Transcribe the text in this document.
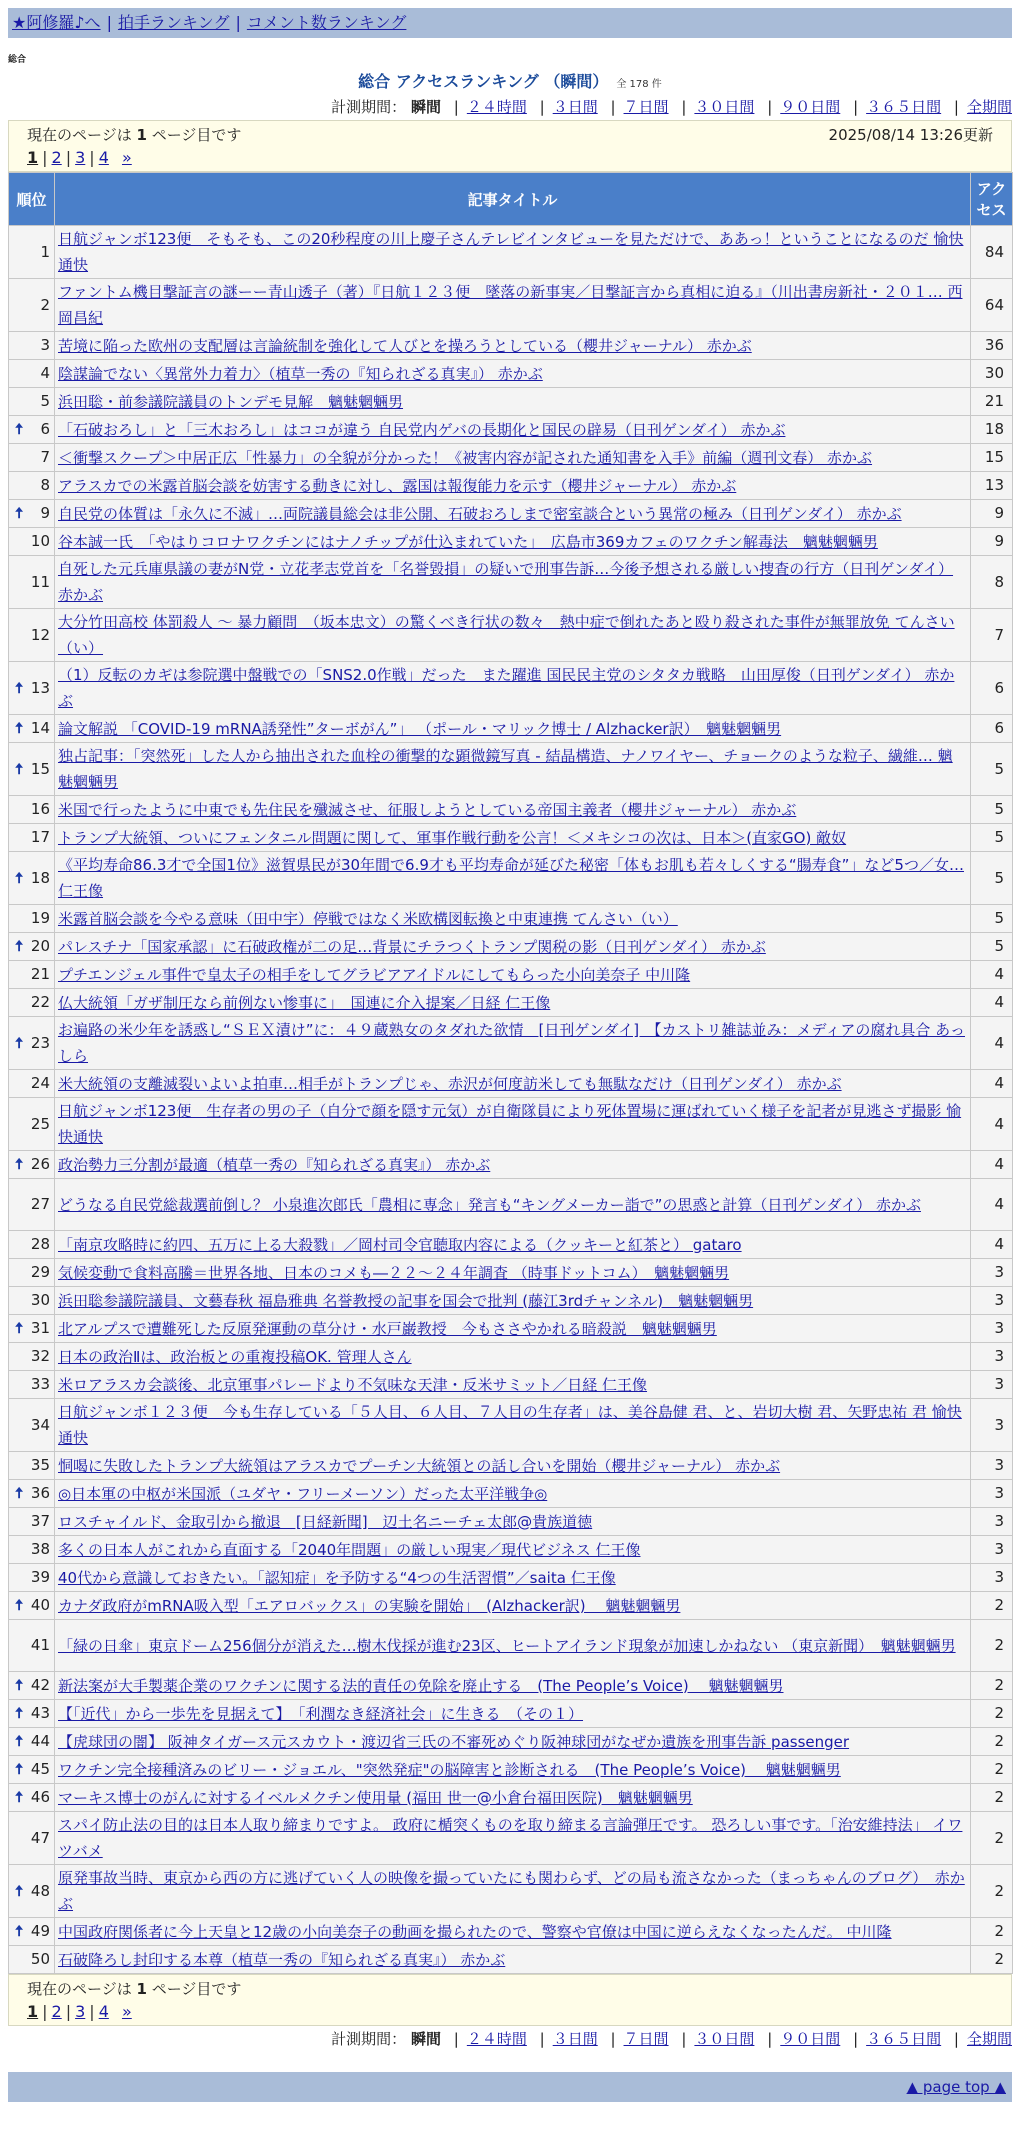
★阿修羅♪へ | 拍手ランキング | コメント数ランキング
総合
総合 アクセスランキング （瞬間） 全 178 件
計測期間： 瞬間 | ２４時間 | ３日間 | ７日間 | ３０日間 | ９０日間 | ３６５日間 | 全期間
現在のページは 1 ページ目です	2025/08/14 13:26更新
1 | 2 | 3 | 4 »
順位	記事タイトル	アクセス
1	日航ジャンボ123便　そもそも、この20秒程度の川上慶子さんテレビインタビューを見ただけで、ああっ！ということになるのだ 愉快通快	84
2	ファントム機目撃証言の謎ーー青山透子（著）『日航１２３便　墜落の新事実／目撃証言から真相に迫る』（川出書房新社・２０１… 西岡昌紀	64
3	苦境に陥った欧州の支配層は言論統制を強化して人びとを操ろうとしている（櫻井ジャーナル） 赤かぶ	36
4	陰謀論でない〈異常外力着力〉（植草一秀の『知られざる真実』） 赤かぶ	30
5	浜田聡・前参議院議員のトンデモ見解　魑魅魍魎男	21

🠅 6	「石破おろし」と「三木おろし」はココが違う 自民党内ゲバの長期化と国民の辟易（日刊ゲンダイ） 赤かぶ	18
7	＜衝撃スクープ＞中居正広「性暴力」の全貌が分かった！《被害内容が記された通知書を入手》前編（週刊文春） 赤かぶ	15
8	アラスカでの米露首脳会談を妨害する動きに対し、露国は報復能力を示す（櫻井ジャーナル） 赤かぶ	13

🠅 9	自民党の体質は「永久に不滅」…両院議員総会は非公開、石破おろしまで密室談合という異常の極み（日刊ゲンダイ） 赤かぶ	9
10	谷本誠一氏　「やはりコロナワクチンにはナノチップが仕込まれていた」　広島市369カフェのワクチン解毒法　魑魅魍魎男	9
11	自死した元兵庫県議の妻がN党・立花孝志党首を「名誉毀損」の疑いで刑事告訴…今後予想される厳しい捜査の行方（日刊ゲンダイ） 赤かぶ	8
12	大分竹田高校 体罰殺人 〜 暴力顧問　（坂本忠文）の驚くべき行状の数々　熱中症で倒れたあと殴り殺された事件が無罪放免 てんさい（い）	7

🠅 13	（1）反転のカギは参院選中盤戦での「SNS2.0作戦」だった　また躍進 国民民主党のシタタカ戦略　山田厚俊（日刊ゲンダイ） 赤かぶ	6

🠅 14	論文解説 「COVID-19 mRNA誘発性”ターボがん”」 （ポール・マリック博士 / Alzhacker訳）　魑魅魍魎男	6

🠅 15	独占記事：「突然死」した人から抽出された血栓の衝撃的な顕微鏡写真 - 結晶構造、ナノワイヤー、チョークのような粒子、繊維… 魑魅魍魎男	5
16	米国で行ったように中東でも先住民を殲滅させ、征服しようとしている帝国主義者（櫻井ジャーナル） 赤かぶ	5
17	トランプ大統領、ついにフェンタニル問題に関して、軍事作戦行動を公言！＜メキシコの次は、日本＞(直家GO) 敵奴	5

🠅 18	《平均寿命86.3才で全国1位》滋賀県民が30年間で6.9才も平均寿命が延びた秘密「体もお肌も若々しくする“腸寿食”」など5つ／女… 仁王像	5
19	米露首脳会談を今やる意味（田中宇）停戦ではなく米欧構図転換と中東連携 てんさい（い）	5

🠅 20	パレスチナ「国家承認」に石破政権が二の足…背景にチラつくトランプ関税の影（日刊ゲンダイ） 赤かぶ	5
21	プチエンジェル事件で皇太子の相手をしてグラビアアイドルにしてもらった小向美奈子 中川隆	4
22	仏大統領「ガザ制圧なら前例ない惨事に」　国連に介入提案／日経 仁王像	4

🠅 23	お遍路の米少年を誘惑し“ＳＥＸ漬け”に：４９蔵熟女のタダれた欲情　[日刊ゲンダイ]　【カストリ雑誌並み：メディアの腐れ具合 あっしら	4
24	米大統領の支離滅裂いよいよ拍車…相手がトランプじゃ、赤沢が何度訪米しても無駄なだけ（日刊ゲンダイ） 赤かぶ	4
25	日航ジャンボ123便　生存者の男の子（自分で顔を隠す元気）が自衛隊員により死体置場に運ばれていく様子を記者が見逃さず撮影 愉快通快	4

🠅 26	政治勢力三分割が最適（植草一秀の『知られざる真実』） 赤かぶ	4
27	どうなる自民党総裁選前倒し？ 小泉進次郎氏「農相に専念」発言も“キングメーカー詣で”の思惑と計算（日刊ゲンダイ） 赤かぶ	4
28	「南京攻略時に約四、五万に上る大殺戮」／岡村司令官聴取内容による（クッキーと紅茶と） gataro	4
29	気候変動で食料高騰＝世界各地、日本のコメも―２２～２４年調査 （時事ドットコム）　魑魅魍魎男	3
30	浜田聡参議院議員、文藝春秋 福島雅典 名誉教授の記事を国会で批判 (藤江3rdチャンネル)　魑魅魍魎男	3

🠅 31	北アルプスで遭難死した反原発運動の草分け・水戸巌教授　今もささやかれる暗殺説　魑魅魍魎男	3
32	日本の政治Ⅱは、政治板との重複投稿OK. 管理人さん	3
33	米ロアラスカ会談後、北京軍事パレードより不気味な天津・反米サミット／日経 仁王像	3
34	日航ジャンボ１２３便　今も生存している「５人目、６人目、７人目の生存者」は、美谷島健 君、と、岩切大樹 君、矢野忠祐 君 愉快通快	3
35	恫喝に失敗したトランプ大統領はアラスカでプーチン大統領との話し合いを開始（櫻井ジャーナル） 赤かぶ	3

🠅 36	◎日本軍の中枢が米国派（ユダヤ・フリーメーソン）だった太平洋戦争◎	3
37	ロスチャイルド、金取引から撤退　[日経新聞]　辺土名ニーチェ太郎@貴族道徳	3
38	多くの日本人がこれから直面する「2040年問題」の厳しい現実／現代ビジネス 仁王像	3
39	40代から意識しておきたい。「認知症」を予防する“4つの生活習慣”／saita 仁王像	3

🠅 40	カナダ政府がmRNA吸入型「エアロバックス」の実験を開始」　(Alzhacker訳)　 魑魅魍魎男	2
41	「緑の日傘」東京ドーム256個分が消えた…樹木伐採が進む23区、ヒートアイランド現象が加速しかねない （東京新聞）　魑魅魍魎男	2

🠅 42	新法案が大手製薬企業のワクチンに関する法的責任の免除を廃止する　(The People’s Voice)　 魑魅魍魎男	2

🠅 43	【「近代」から一歩先を見据えて】　「利潤なき経済社会」に生きる　（その１）	2

🠅 44	【虎球団の闇】 阪神タイガース元スカウト・渡辺省三氏の不審死めぐり阪神球団がなぜか遺族を刑事告訴 passenger	2

🠅 45	ワクチン完全接種済みのビリー・ジョエル、"突然発症"の脳障害と診断される　(The People’s Voice)　 魑魅魍魎男	2

🠅 46	マーキス博士のがんに対するイベルメクチン使用量 (福田 世一@小倉台福田医院)　魑魅魍魎男	2
47	スパイ防止法の目的は日本人取り締まりですよ。 政府に楯突くものを取り締まる言論弾圧です。 恐ろしい事です。「治安維持法」 イワツバメ	2

🠅 48	原発事故当時、東京から西の方に逃げていく人の映像を撮っていたにも関わらず、どの局も流さなかった（まっちゃんのブログ）　赤かぶ	2

🠅 49	中国政府関係者に今上天皇と12歳の小向美奈子の動画を撮られたので、警察や官僚は中国に逆らえなくなったんだ。 中川隆	2
50	石破降ろし封印する本尊（植草一秀の『知られざる真実』） 赤かぶ	2
現在のページは 1 ページ目です
1 | 2 | 3 | 4 »
計測期間： 瞬間 | ２４時間 | ３日間 | ７日間 | ３０日間 | ９０日間 | ３６５日間 | 全期間
▲ page top ▲
